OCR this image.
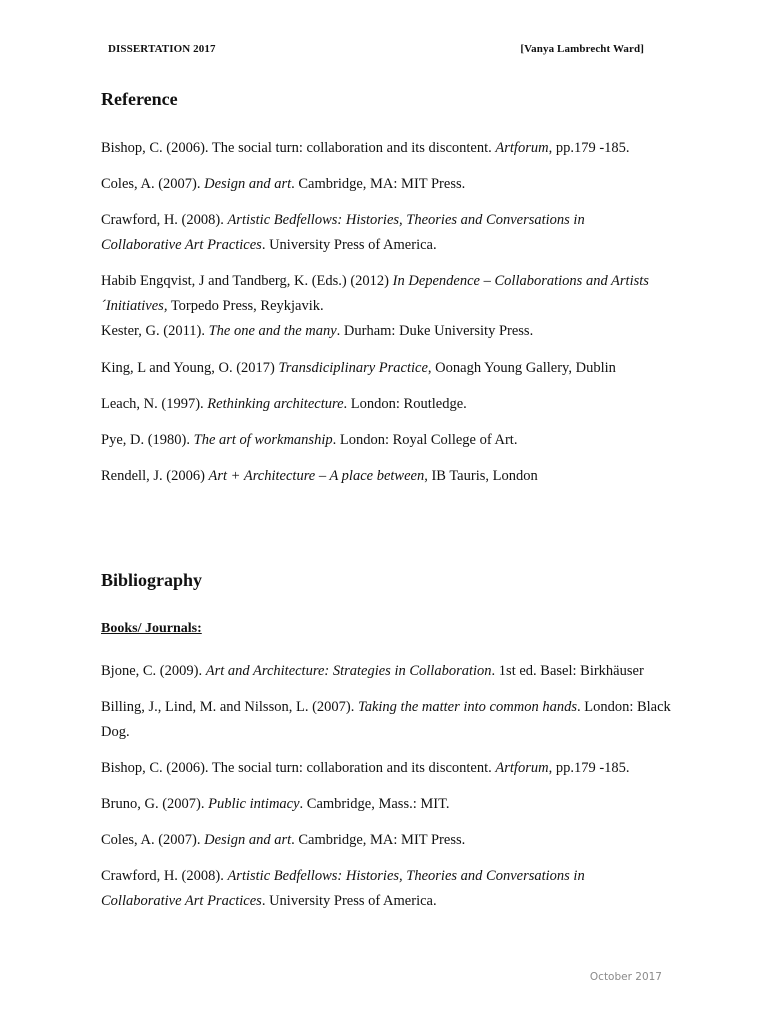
DISSERTATION 2017	[Vanya Lambrecht Ward]
Reference

Bishop, C. (2006). The social turn: collaboration and its discontent. Artforum, pp.179 -185.

Coles, A. (2007). Design and art. Cambridge, MA: MIT Press.

Crawford, H. (2008). Artistic Bedfellows: Histories, Theories and Conversations in Collaborative Art Practices. University Press of America.

Habib Engqvist, J and Tandberg, K. (Eds.) (2012) In Dependence – Collaborations and Artists´Initiatives, Torpedo Press, Reykjavik.

Kester, G. (2011). The one and the many. Durham: Duke University Press.

King, L and Young, O. (2017) Transdiciplinary Practice, Oonagh Young Gallery, Dublin

Leach, N. (1997). Rethinking architecture. London: Routledge.

Pye, D. (1980). The art of workmanship. London: Royal College of Art.

Rendell, J. (2006) Art + Architecture – A place between, IB Tauris, London

Bibliography
Books/ Journals:

Bjone, C. (2009). Art and Architecture: Strategies in Collaboration. 1st ed. Basel: Birkhäuser

Billing, J., Lind, M. and Nilsson, L. (2007). Taking the matter into common hands. London: Black Dog.

Bishop, C. (2006). The social turn: collaboration and its discontent. Artforum, pp.179 -185.

Bruno, G. (2007). Public intimacy. Cambridge, Mass.: MIT.

Coles, A. (2007). Design and art. Cambridge, MA: MIT Press.

Crawford, H. (2008). Artistic Bedfellows: Histories, Theories and Conversations in Collaborative Art Practices. University Press of America.

October 2017
